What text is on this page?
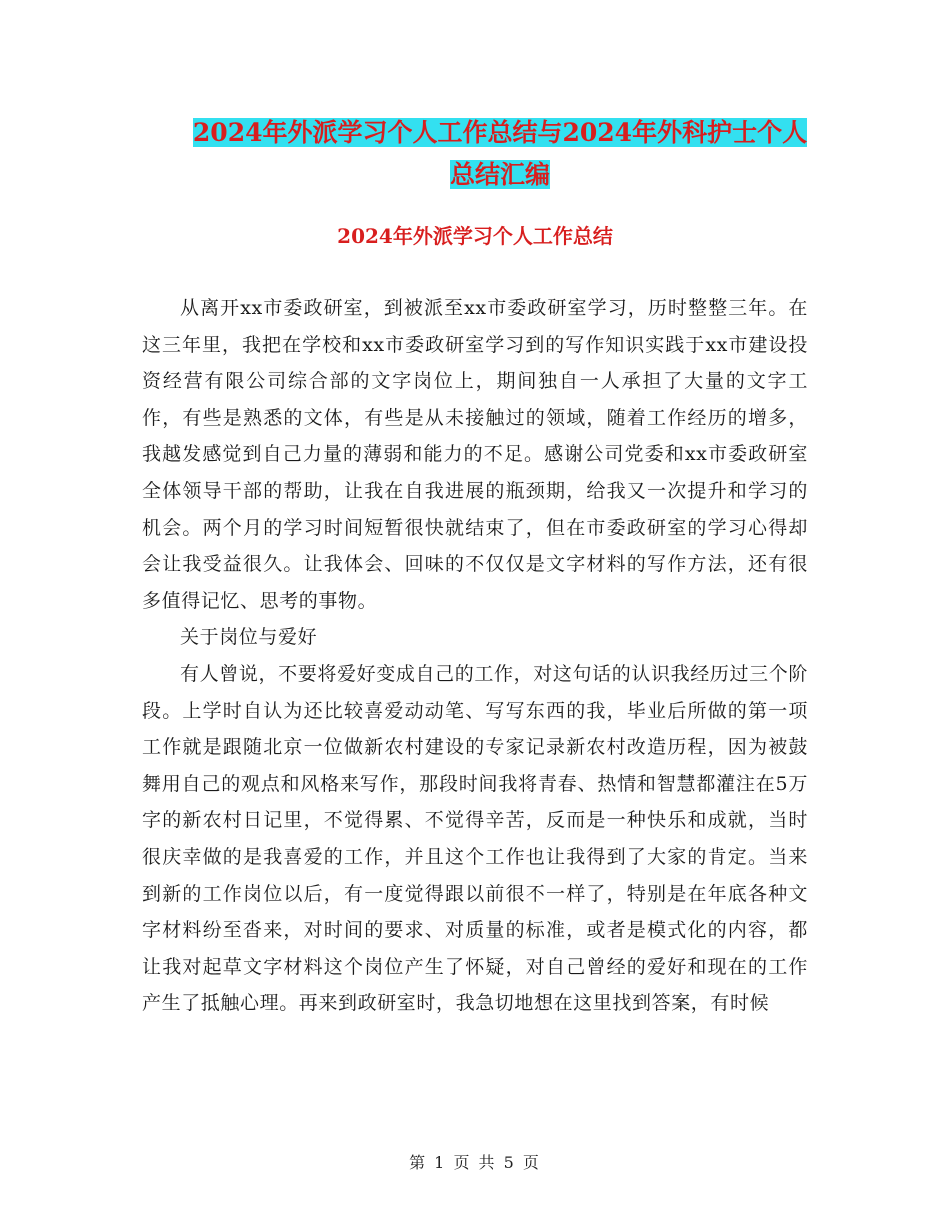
2024年外派学习个人工作总结与2024年外科护士个人
总结汇编
2024年外派学习个人工作总结

从离开xx市委政研室，到被派至xx市委政研室学习，历时整整三年。在这三年里，我把在学校和xx市委政研室学习到的写作知识实践于xx市建设投资经营有限公司综合部的文字岗位上，期间独自一人承担了大量的文字工作，有些是熟悉的文体，有些是从未接触过的领域，随着工作经历的增多，我越发感觉到自己力量的薄弱和能力的不足。感谢公司党委和xx市委政研室全体领导干部的帮助，让我在自我进展的瓶颈期，给我又一次提升和学习的机会。两个月的学习时间短暂很快就结束了，但在市委政研室的学习心得却会让我受益很久。让我体会、回味的不仅仅是文字材料的写作方法，还有很多值得记忆、思考的事物。

关于岗位与爱好

有人曾说，不要将爱好变成自己的工作，对这句话的认识我经历过三个阶段。上学时自认为还比较喜爱动动笔、写写东西的我，毕业后所做的第一项工作就是跟随北京一位做新农村建设的专家记录新农村改造历程，因为被鼓舞用自己的观点和风格来写作，那段时间我将青春、热情和智慧都灌注在5万字的新农村日记里，不觉得累、不觉得辛苦，反而是一种快乐和成就，当时很庆幸做的是我喜爱的工作，并且这个工作也让我得到了大家的肯定。当来到新的工作岗位以后，有一度觉得跟以前很不一样了，特别是在年底各种文字材料纷至沓来，对时间的要求、对质量的标准，或者是模式化的内容，都让我对起草文字材料这个岗位产生了怀疑，对自己曾经的爱好和现在的工作产生了抵触心理。再来到政研室时，我急切地想在这里找到答案，有时候

第 1 页 共 5 页
